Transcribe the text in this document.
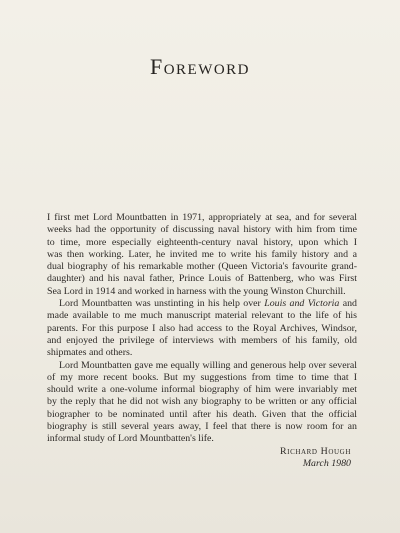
Foreword
I first met Lord Mountbatten in 1971, appropriately at sea, and for several
weeks had the opportunity of discussing naval history with him from time
to time, more especially eighteenth-century naval history, upon which I
was then working. Later, he invited me to write his family history and a
dual biography of his remarkable mother (Queen Victoria's favourite grand-
daughter) and his naval father, Prince Louis of Battenberg, who was First
Sea Lord in 1914 and worked in harness with the young Winston Churchill.
Lord Mountbatten was unstinting in his help over Louis and Victoria and
made available to me much manuscript material relevant to the life of his
parents. For this purpose I also had access to the Royal Archives, Windsor,
and enjoyed the privilege of interviews with members of his family, old
shipmates and others.
Lord Mountbatten gave me equally willing and generous help over several
of my more recent books. But my suggestions from time to time that I
should write a one-volume informal biography of him were invariably met
by the reply that he did not wish any biography to be written or any official
biographer to be nominated until after his death. Given that the official
biography is still several years away, I feel that there is now room for an
informal study of Lord Mountbatten's life.
Richard Hough
March 1980
